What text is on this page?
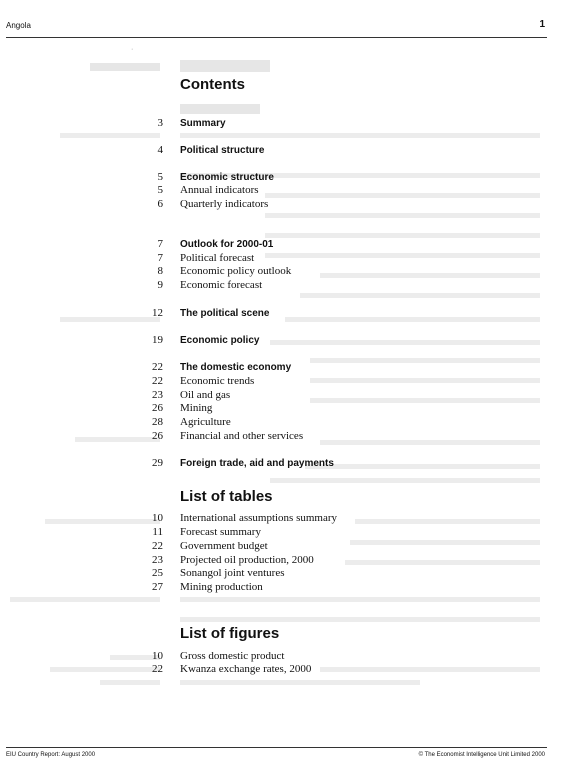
Angola	1
·
Contents
3 Summary
4 Political structure
5 Economic structure
5 Annual indicators
6 Quarterly indicators
7 Outlook for 2000-01
7 Political forecast
8 Economic policy outlook
9 Economic forecast
12 The political scene
19 Economic policy
22 The domestic economy
22 Economic trends
23 Oil and gas
26 Mining
28 Agriculture
26 Financial and other services
29 Foreign trade, aid and payments
List of tables
10 International assumptions summary
11 Forecast summary
22 Government budget
23 Projected oil production, 2000
25 Sonangol joint ventures
27 Mining production
List of figures
10 Gross domestic product
22 Kwanza exchange rates, 2000
EIU Country Report: August 2000	© The Economist Intelligence Unit Limited 2000
